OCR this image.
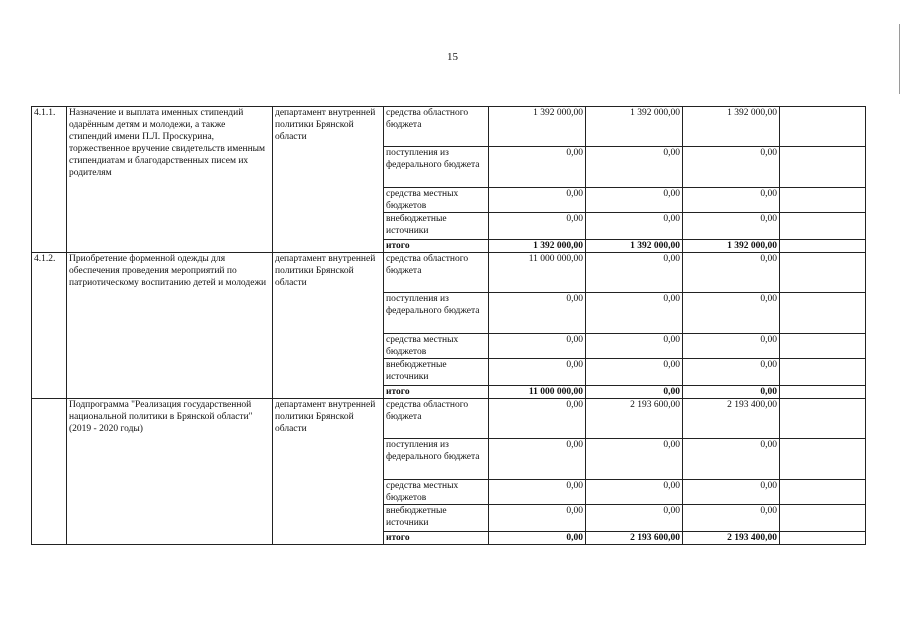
15
4.1.1.	Назначение и выплата именных стипендий одарённым детям и молодежи, а также стипендий имени П.Л. Проскурина, торжественное вручение свидетельств именным стипендиатам и благодарственных писем их родителям	департамент внутренней политики Брянской области	средства областного бюджета	1 392 000,00	1 392 000,00	1 392 000,00	
			поступления из федерального бюджета	0,00	0,00	0,00	
			средства местных бюджетов	0,00	0,00	0,00	
			внебюджетные источники	0,00	0,00	0,00	
			итого	1 392 000,00	1 392 000,00	1 392 000,00	
4.1.2.	Приобретение форменной одежды для обеспечения проведения мероприятий по патриотическому воспитанию детей и молодежи	департамент внутренней политики Брянской области	средства областного бюджета	11 000 000,00	0,00	0,00	
			поступления из федерального бюджета	0,00	0,00	0,00	
			средства местных бюджетов	0,00	0,00	0,00	
			внебюджетные источники	0,00	0,00	0,00	
			итого	11 000 000,00	0,00	0,00	
	Подпрограмма "Реализация государственной национальной политики в Брянской области" (2019 - 2020 годы)	департамент внутренней политики Брянской области	средства областного бюджета	0,00	2 193 600,00	2 193 400,00	
			поступления из федерального бюджета	0,00	0,00	0,00	
			средства местных бюджетов	0,00	0,00	0,00	
			внебюджетные источники	0,00	0,00	0,00	
			итого	0,00	2 193 600,00	2 193 400,00	
